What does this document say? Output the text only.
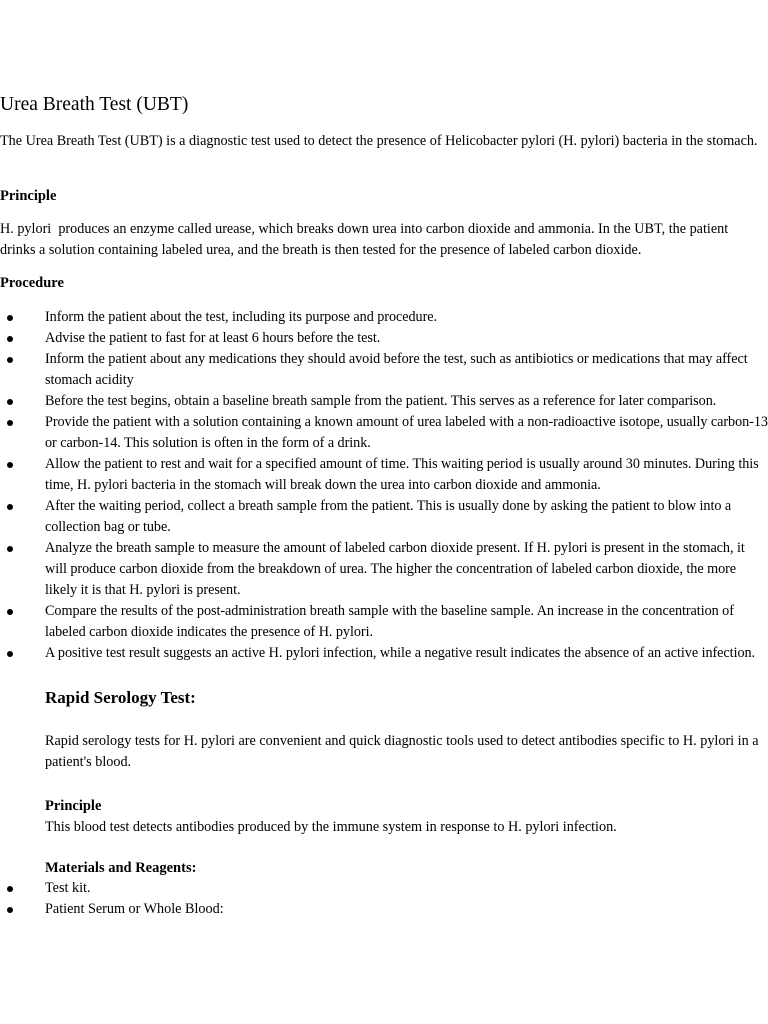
Urea Breath Test (UBT)

The Urea Breath Test (UBT) is a diagnostic test used to detect the presence of Helicobacter pylori (H. pylori) bacteria in the stomach.

Principle

H. pylori  produces an enzyme called urease, which breaks down urea into carbon dioxide and ammonia. In the UBT, the patient drinks a solution containing labeled urea, and the breath is then tested for the presence of labeled carbon dioxide.

Procedure
Inform the patient about the test, including its purpose and procedure.
Advise the patient to fast for at least 6 hours before the test.
Inform the patient about any medications they should avoid before the test, such as antibiotics or medications that may affect stomach acidity
Before the test begins, obtain a baseline breath sample from the patient. This serves as a reference for later comparison.
Provide the patient with a solution containing a known amount of urea labeled with a non-radioactive isotope, usually carbon-13 or carbon-14. This solution is often in the form of a drink.
Allow the patient to rest and wait for a specified amount of time. This waiting period is usually around 30 minutes. During this time, H. pylori bacteria in the stomach will break down the urea into carbon dioxide and ammonia.
After the waiting period, collect a breath sample from the patient. This is usually done by asking the patient to blow into a collection bag or tube.
Analyze the breath sample to measure the amount of labeled carbon dioxide present. If H. pylori is present in the stomach, it will produce carbon dioxide from the breakdown of urea. The higher the concentration of labeled carbon dioxide, the more likely it is that H. pylori is present.
Compare the results of the post-administration breath sample with the baseline sample. An increase in the concentration of labeled carbon dioxide indicates the presence of H. pylori.
A positive test result suggests an active H. pylori infection, while a negative result indicates the absence of an active infection.
Rapid Serology Test:

Rapid serology tests for H. pylori are convenient and quick diagnostic tools used to detect antibodies specific to H. pylori in a patient's blood.

Principle

This blood test detects antibodies produced by the immune system in response to H. pylori infection.

Materials and Reagents:
Test kit.
Patient Serum or Whole Blood:
